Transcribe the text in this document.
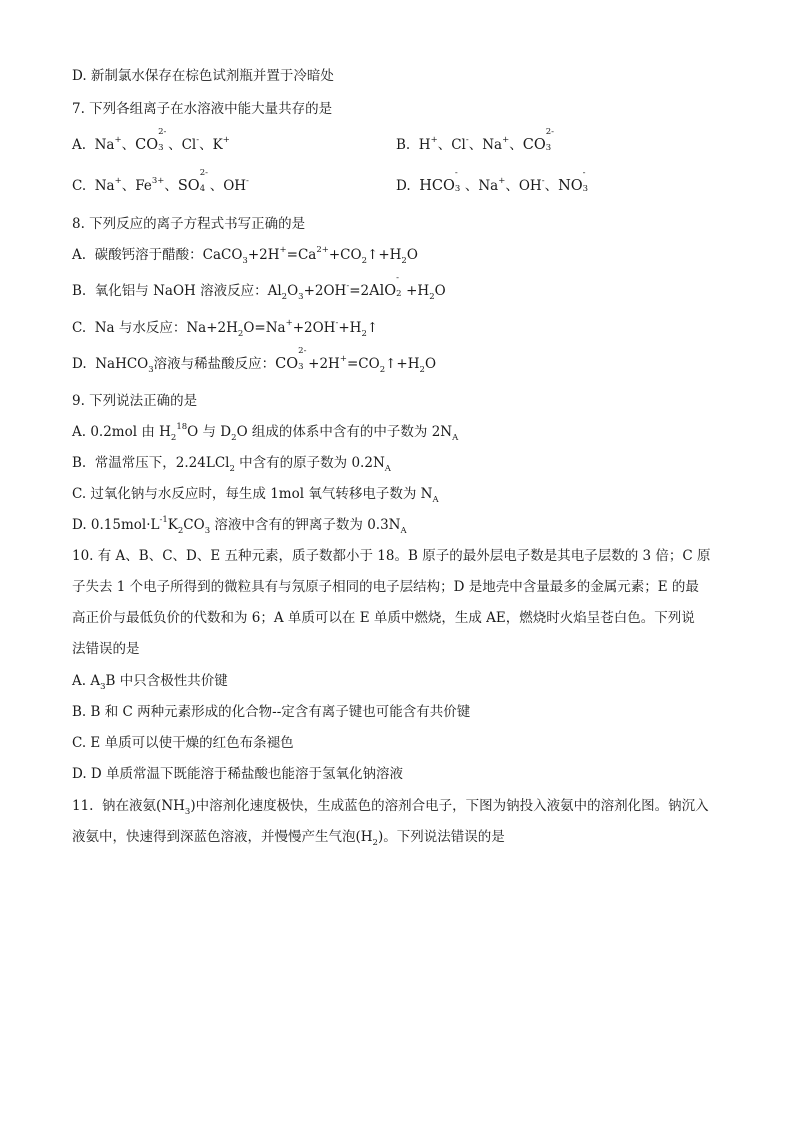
D. 新制氯水保存在棕色试剂瓶并置于冷暗处
7. 下列各组离子在水溶液中能大量共存的是
A.  Na+、CO
2-
3 、Cl-、K+	B.  H+、Cl-、Na+、CO
2-
3
C.  Na+、$Fe^{3+}$、SO
2-
4 、OH-	D.  HCO
-
3 、Na+、OH-、NO
-
3
8. 下列反应的离子方程式书写正确的是
A.  碳酸钙溶于醋酸：$CaCO_3+2H^+=Ca^{2+}+CO_2↑+H_2O$
B.  氧化铝与 NaOH 溶液反应：$Al_2O_3+2OH^-=2AlO$
-
$2 +H_2O$
C.  Na 与水反应：$Na+2H_2O=Na^++2OH^-+H_2↑$
D.  NaHCO$_3$溶液与稀盐酸反应：CO
2-
$3 +2H^+=CO_2↑+H_2O$
9. 下列说法正确的是
A. 0.2mol 由 $H_2^{18}O$ 与 $D_2O$ 组成的体系中含有的中子数为 $2N_A$
B.  常温常压下，2.24LCl$_2$ 中含有的原子数为 $0.2N_A$
C. 过氧化钠与水反应时，每生成 1mol 氧气转移电子数为 $N_A$
D. $0.15mol\cdot L^{-1}K_2CO_3$ 溶液中含有的钾离子数为 $0.3N_A$
10. 有 A、B、C、D、E 五种元素，质子数都小于 18。B 原子的最外层电子数是其电子层数的 3 倍；C 原
子失去 1 个电子所得到的微粒具有与氖原子相同的电子层结构；D 是地壳中含量最多的金属元素；E 的最
高正价与最低负价的代数和为 6；A 单质可以在 E 单质中燃烧，生成 AE，燃烧时火焰呈苍白色。下列说
法错误的是
A. $A_3B$ 中只含极性共价键
B. B 和 C 两种元素形成的化合物--定含有离子键也可能含有共价键
C. E 单质可以使干燥的红色布条褪色
D. D 单质常温下既能溶于稀盐酸也能溶于氢氧化钠溶液
11.  钠在液氨$(NH_3)$中溶剂化速度极快，生成蓝色的溶剂合电子，下图为钠投入液氨中的溶剂化图。钠沉入
液氨中，快速得到深蓝色溶液，并慢慢产生气泡$(H_2)$。下列说法错误的是
